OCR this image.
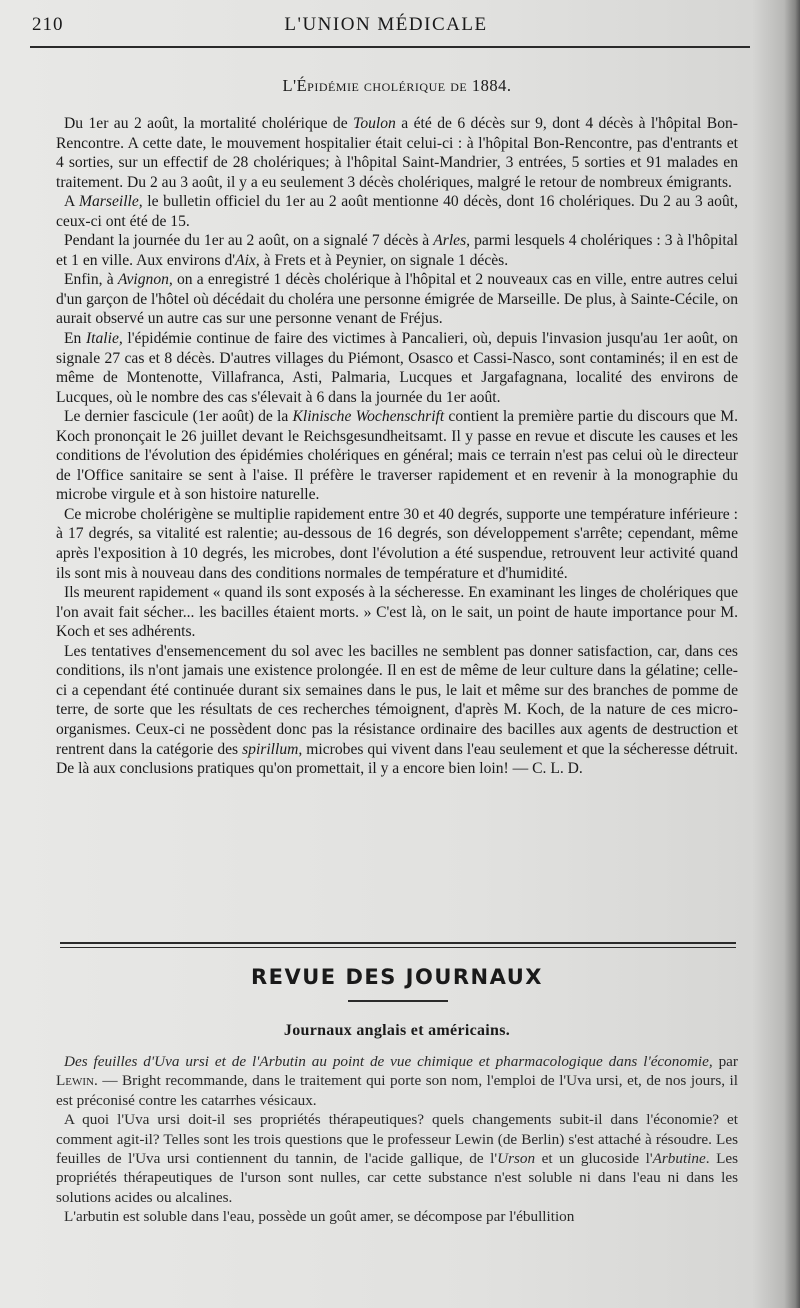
210	L'UNION MÉDICALE
L'Épidémie cholérique de 1884.

Du 1er au 2 août, la mortalité cholérique de Toulon a été de 6 décès sur 9, dont 4 décès à l'hôpital Bon-Rencontre. A cette date, le mouvement hospitalier était celui-ci : à l'hôpital Bon-Rencontre, pas d'entrants et 4 sorties, sur un effectif de 28 cholériques; à l'hôpital Saint-Mandrier, 3 entrées, 5 sorties et 91 malades en traitement. Du 2 au 3 août, il y a eu seulement 3 décès cholériques, malgré le retour de nombreux émigrants.

A Marseille, le bulletin officiel du 1er au 2 août mentionne 40 décès, dont 16 cholériques. Du 2 au 3 août, ceux-ci ont été de 15.

Pendant la journée du 1er au 2 août, on a signalé 7 décès à Arles, parmi lesquels 4 cholériques : 3 à l'hôpital et 1 en ville. Aux environs d'Aix, à Frets et à Peynier, on signale 1 décès.

Enfin, à Avignon, on a enregistré 1 décès cholérique à l'hôpital et 2 nouveaux cas en ville, entre autres celui d'un garçon de l'hôtel où décédait du choléra une personne émigrée de Marseille. De plus, à Sainte-Cécile, on aurait observé un autre cas sur une personne venant de Fréjus.

En Italie, l'épidémie continue de faire des victimes à Pancalieri, où, depuis l'invasion jusqu'au 1er août, on signale 27 cas et 8 décès. D'autres villages du Piémont, Osasco et Cassi-Nasco, sont contaminés; il en est de même de Montenotte, Villafranca, Asti, Palmaria, Lucques et Jargafagnana, localité des environs de Lucques, où le nombre des cas s'élevait à 6 dans la journée du 1er août.

Le dernier fascicule (1er août) de la Klinische Wochenschrift contient la première partie du discours que M. Koch prononçait le 26 juillet devant le Reichsgesundheitsamt. Il y passe en revue et discute les causes et les conditions de l'évolution des épidémies cholériques en général; mais ce terrain n'est pas celui où le directeur de l'Office sanitaire se sent à l'aise. Il préfère le traverser rapidement et en revenir à la monographie du microbe virgule et à son histoire naturelle.

Ce microbe cholérigène se multiplie rapidement entre 30 et 40 degrés, supporte une température inférieure : à 17 degrés, sa vitalité est ralentie; au-dessous de 16 degrés, son développement s'arrête; cependant, même après l'exposition à 10 degrés, les microbes, dont l'évolution a été suspendue, retrouvent leur activité quand ils sont mis à nouveau dans des conditions normales de température et d'humidité.

Ils meurent rapidement « quand ils sont exposés à la sécheresse. En examinant les linges de cholériques que l'on avait fait sécher... les bacilles étaient morts. » C'est là, on le sait, un point de haute importance pour M. Koch et ses adhérents.

Les tentatives d'ensemencement du sol avec les bacilles ne semblent pas donner satisfaction, car, dans ces conditions, ils n'ont jamais une existence prolongée. Il en est de même de leur culture dans la gélatine; celle-ci a cependant été continuée durant six semaines dans le pus, le lait et même sur des branches de pomme de terre, de sorte que les résultats de ces recherches témoignent, d'après M. Koch, de la nature de ces micro-organismes. Ceux-ci ne possèdent donc pas la résistance ordinaire des bacilles aux agents de destruction et rentrent dans la catégorie des spirillum, microbes qui vivent dans l'eau seulement et que la sécheresse détruit. De là aux conclusions pratiques qu'on promettait, il y a encore bien loin! — C. L. D.

REVUE DES JOURNAUX
Journaux anglais et américains.

Des feuilles d'Uva ursi et de l'Arbutin au point de vue chimique et pharmacologique dans l'économie, par Lewin. — Bright recommande, dans le traitement qui porte son nom, l'emploi de l'Uva ursi, et, de nos jours, il est préconisé contre les catarrhes vésicaux.

A quoi l'Uva ursi doit-il ses propriétés thérapeutiques? quels changements subit-il dans l'économie? et comment agit-il? Telles sont les trois questions que le professeur Lewin (de Berlin) s'est attaché à résoudre. Les feuilles de l'Uva ursi contiennent du tannin, de l'acide gallique, de l'Urson et un glucoside l'Arbutine. Les propriétés thérapeutiques de l'urson sont nulles, car cette substance n'est soluble ni dans l'eau ni dans les solutions acides ou alcalines.

L'arbutin est soluble dans l'eau, possède un goût amer, se décompose par l'ébullition
